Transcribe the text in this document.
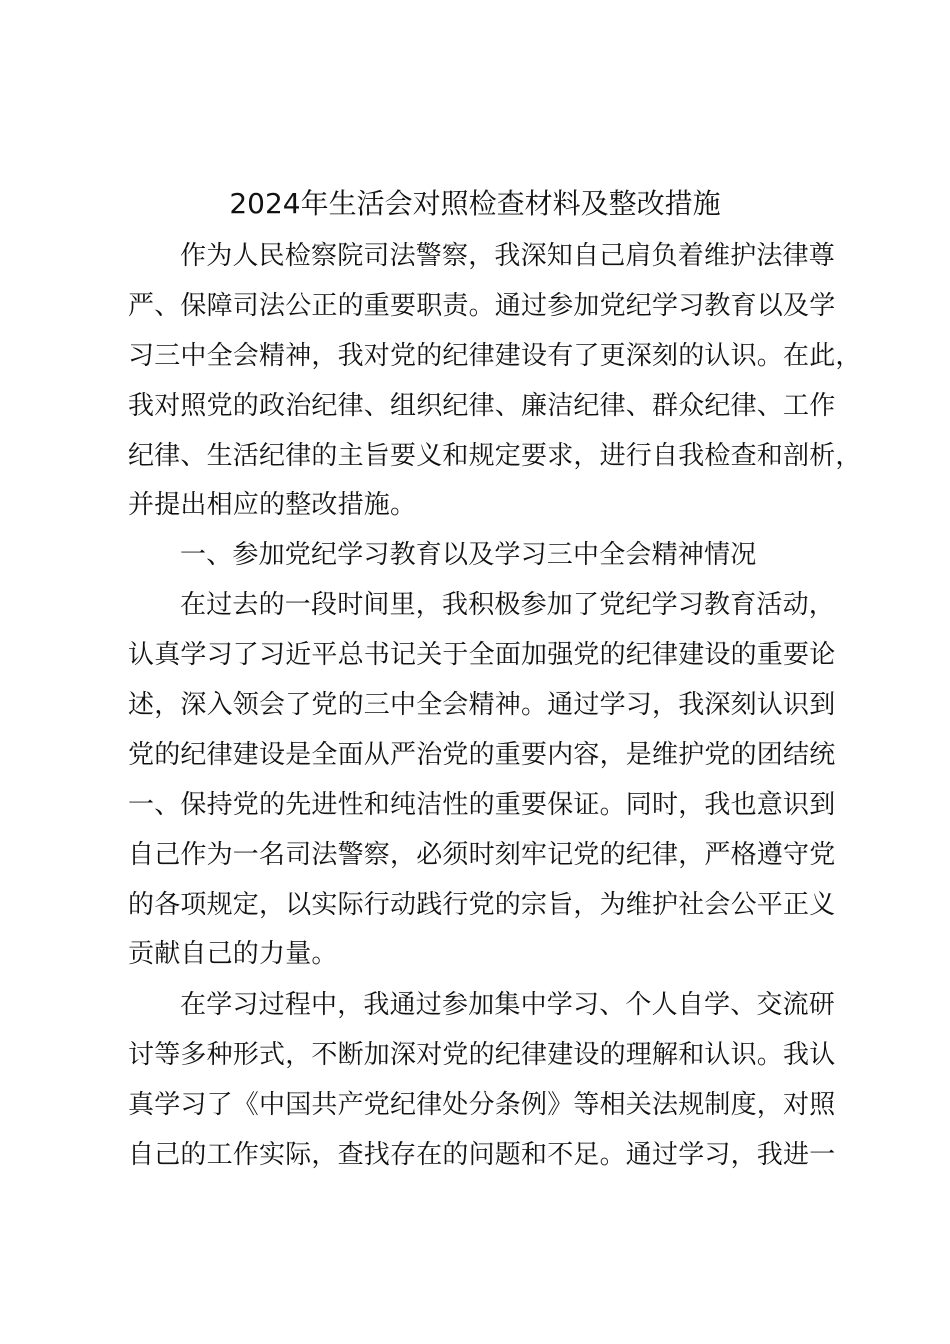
2024年生活会对照检查材料及整改措施
作为人民检察院司法警察，我深知自己肩负着维护法律尊
严、保障司法公正的重要职责。通过参加党纪学习教育以及学
习三中全会精神，我对党的纪律建设有了更深刻的认识。在此，
我对照党的政治纪律、组织纪律、廉洁纪律、群众纪律、工作
纪律、生活纪律的主旨要义和规定要求，进行自我检查和剖析，
并提出相应的整改措施。
一、参加党纪学习教育以及学习三中全会精神情况
在过去的一段时间里，我积极参加了党纪学习教育活动，
认真学习了习近平总书记关于全面加强党的纪律建设的重要论
述，深入领会了党的三中全会精神。通过学习，我深刻认识到
党的纪律建设是全面从严治党的重要内容，是维护党的团结统
一、保持党的先进性和纯洁性的重要保证。同时，我也意识到
自己作为一名司法警察，必须时刻牢记党的纪律，严格遵守党
的各项规定，以实际行动践行党的宗旨，为维护社会公平正义
贡献自己的力量。
在学习过程中，我通过参加集中学习、个人自学、交流研
讨等多种形式，不断加深对党的纪律建设的理解和认识。我认
真学习了《中国共产党纪律处分条例》等相关法规制度，对照
自己的工作实际，查找存在的问题和不足。通过学习，我进一
